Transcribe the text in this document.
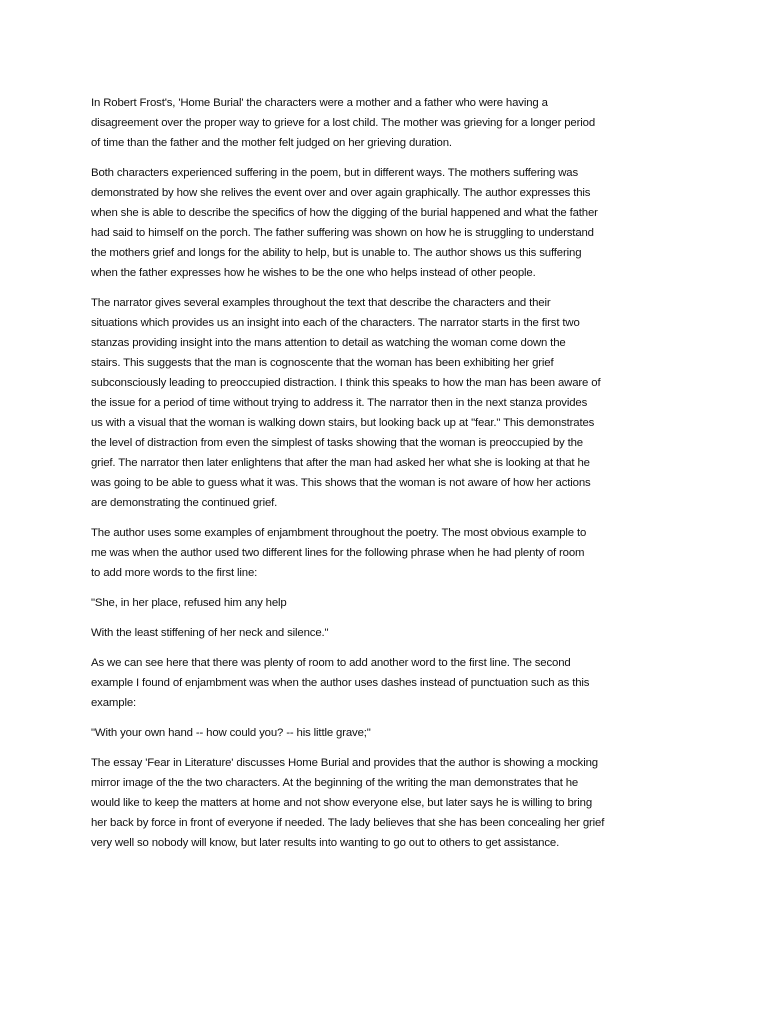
In Robert Frost's, 'Home Burial' the characters were a mother and a father who were having a
disagreement over the proper way to grieve for a lost child. The mother was grieving for a longer period
of time than the father and the mother felt judged on her grieving duration.

Both characters experienced suffering in the poem, but in different ways. The mothers suffering was
demonstrated by how she relives the event over and over again graphically. The author expresses this
when she is able to describe the specifics of how the digging of the burial happened and what the father
had said to himself on the porch. The father suffering was shown on how he is struggling to understand
the mothers grief and longs for the ability to help, but is unable to. The author shows us this suffering
when the father expresses how he wishes to be the one who helps instead of other people.

The narrator gives several examples throughout the text that describe the characters and their
situations which provides us an insight into each of the characters. The narrator starts in the first two
stanzas providing insight into the mans attention to detail as watching the woman come down the
stairs. This suggests that the man is cognoscente that the woman has been exhibiting her grief
subconsciously leading to preoccupied distraction. I think this speaks to how the man has been aware of
the issue for a period of time without trying to address it. The narrator then in the next stanza provides
us with a visual that the woman is walking down stairs, but looking back up at "fear." This demonstrates
the level of distraction from even the simplest of tasks showing that the woman is preoccupied by the
grief. The narrator then later enlightens that after the man had asked her what she is looking at that he
was going to be able to guess what it was. This shows that the woman is not aware of how her actions
are demonstrating the continued grief.

The author uses some examples of enjambment throughout the poetry. The most obvious example to
me was when the author used two different lines for the following phrase when he had plenty of room
to add more words to the first line:

"She, in her place, refused him any help

With the least stiffening of her neck and silence."

As we can see here that there was plenty of room to add another word to the first line. The second
example I found of enjambment was when the author uses dashes instead of punctuation such as this
example:

"With your own hand -- how could you? -- his little grave;"

The essay 'Fear in Literature' discusses Home Burial and provides that the author is showing a mocking
mirror image of the the two characters. At the beginning of the writing the man demonstrates that he
would like to keep the matters at home and not show everyone else, but later says he is willing to bring
her back by force in front of everyone if needed. The lady believes that she has been concealing her grief
very well so nobody will know, but later results into wanting to go out to others to get assistance.
